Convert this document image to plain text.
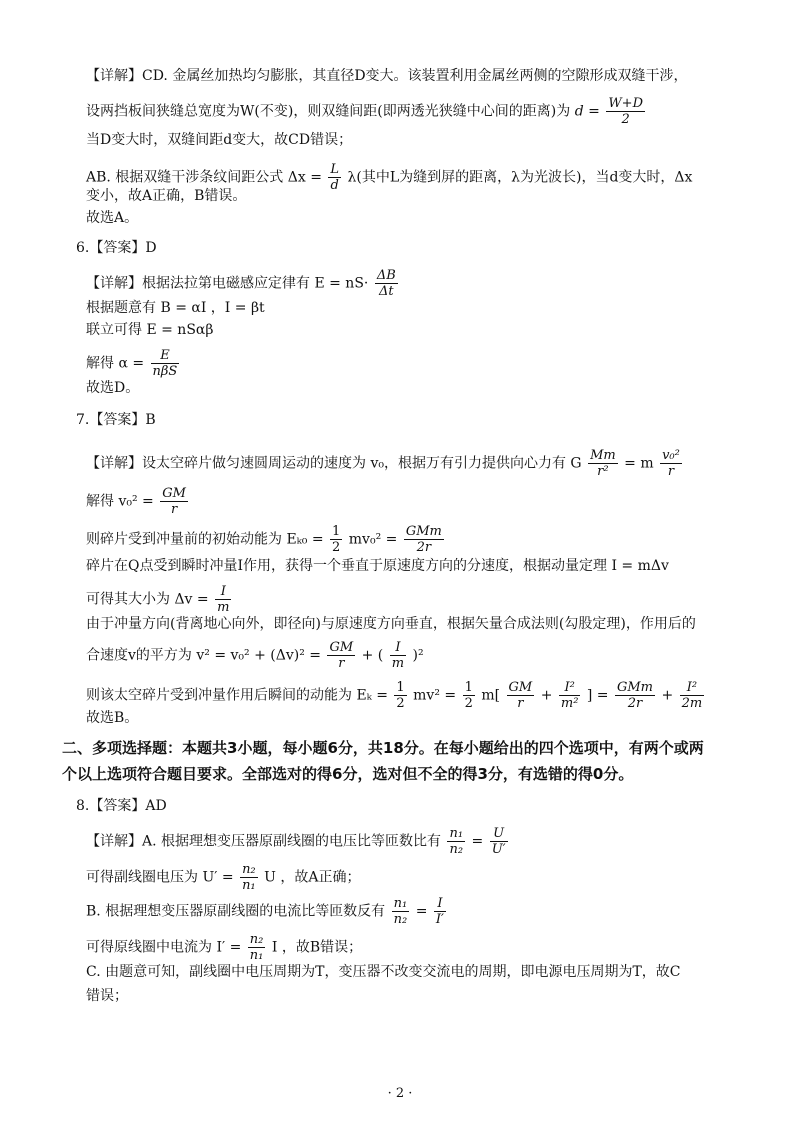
【详解】CD. 金属丝加热均匀膨胀，其直径D变大。该装置利用金属丝两侧的空隙形成双缝干涉，
设两挡板间狭缝总宽度为W(不变)，则双缝间距(即两透光狭缝中心间的距离)为 $d = \frac{W+D}{2}$
当D变大时，双缝间距d变大，故CD错误；
AB. 根据双缝干涉条纹间距公式 $\Delta x = \frac{L}{d} \lambda$(其中L为缝到屏的距离，λ为光波长)，当d变大时，Δx
变小，故A正确，B错误。
故选A。
6.【答案】D
【详解】根据法拉第电磁感应定律有 $E = nS\cdot \frac{\Delta B}{\Delta t}$
根据题意有 B = αI ，I = βt
联立可得 E = nSαβ
解得 $\alpha = \frac{E}{\text{nβS}}$
故选D。
7.【答案】B
【详解】设太空碎片做匀速圆周运动的速度为 v₀，根据万有引力提供向心力有 G $\frac{Mm}{\text{r²}} = m \frac{\text{v₀²}}{r}$
解得 $v_0^2 = \frac{GM}{r}$
则碎片受到冲量前的初始动能为 $E_{k0} = \frac{1}{2} mv_0^2 = \frac{\text{GMm}}{2r}$
碎片在Q点受到瞬时冲量I作用，获得一个垂直于原速度方向的分速度，根据动量定理 I = mΔv
可得其大小为 $\Delta v = \frac{I}{m}$
由于冲量方向(背离地心向外，即径向)与原速度方向垂直，根据矢量合成法则(勾股定理)，作用后的
合速度v的平方为 $v^2 = v_0^2 + (\Delta v)^2 = \frac{GM}{r}$ + ( $\frac{I}{m} )^2$
则该太空碎片受到冲量作用后瞬间的动能为 $E_k = \frac{1}{2} mv^2 = \frac{1}{2} m[ \frac{GM}{r} + \frac{\text{I²}}{\text{m²}}$ ] = $\frac{\text{GMm}}{2r} + \frac{\text{I²}}{2m}$
故选B。
二、多项选择题：本题共3小题，每小题6分，共18分。在每小题给出的四个选项中，有两个或两
个以上选项符合题目要求。全部选对的得6分，选对但不全的得3分，有选错的得0分。
8.【答案】AD
【详解】A. 根据理想变压器原副线圈的电压比等匝数比有 $\frac{\text{n₁}}{\text{n₂}} = \frac{U}{U'}$
可得副线圈电压为 $U' = \frac{\text{n₂}}{\text{n₁}}$ U ，故A正确；
B. 根据理想变压器原副线圈的电流比等匝数反有 $\frac{\text{n₁}}{\text{n₂}} = \frac{I}{I'}$
可得原线圈中电流为 $I' = \frac{\text{n₂}}{\text{n₁}}$ I ，故B错误；
C. 由题意可知，副线圈中电压周期为T，变压器不改变交流电的周期，即电源电压周期为T，故C
错误；
· 2 ·
